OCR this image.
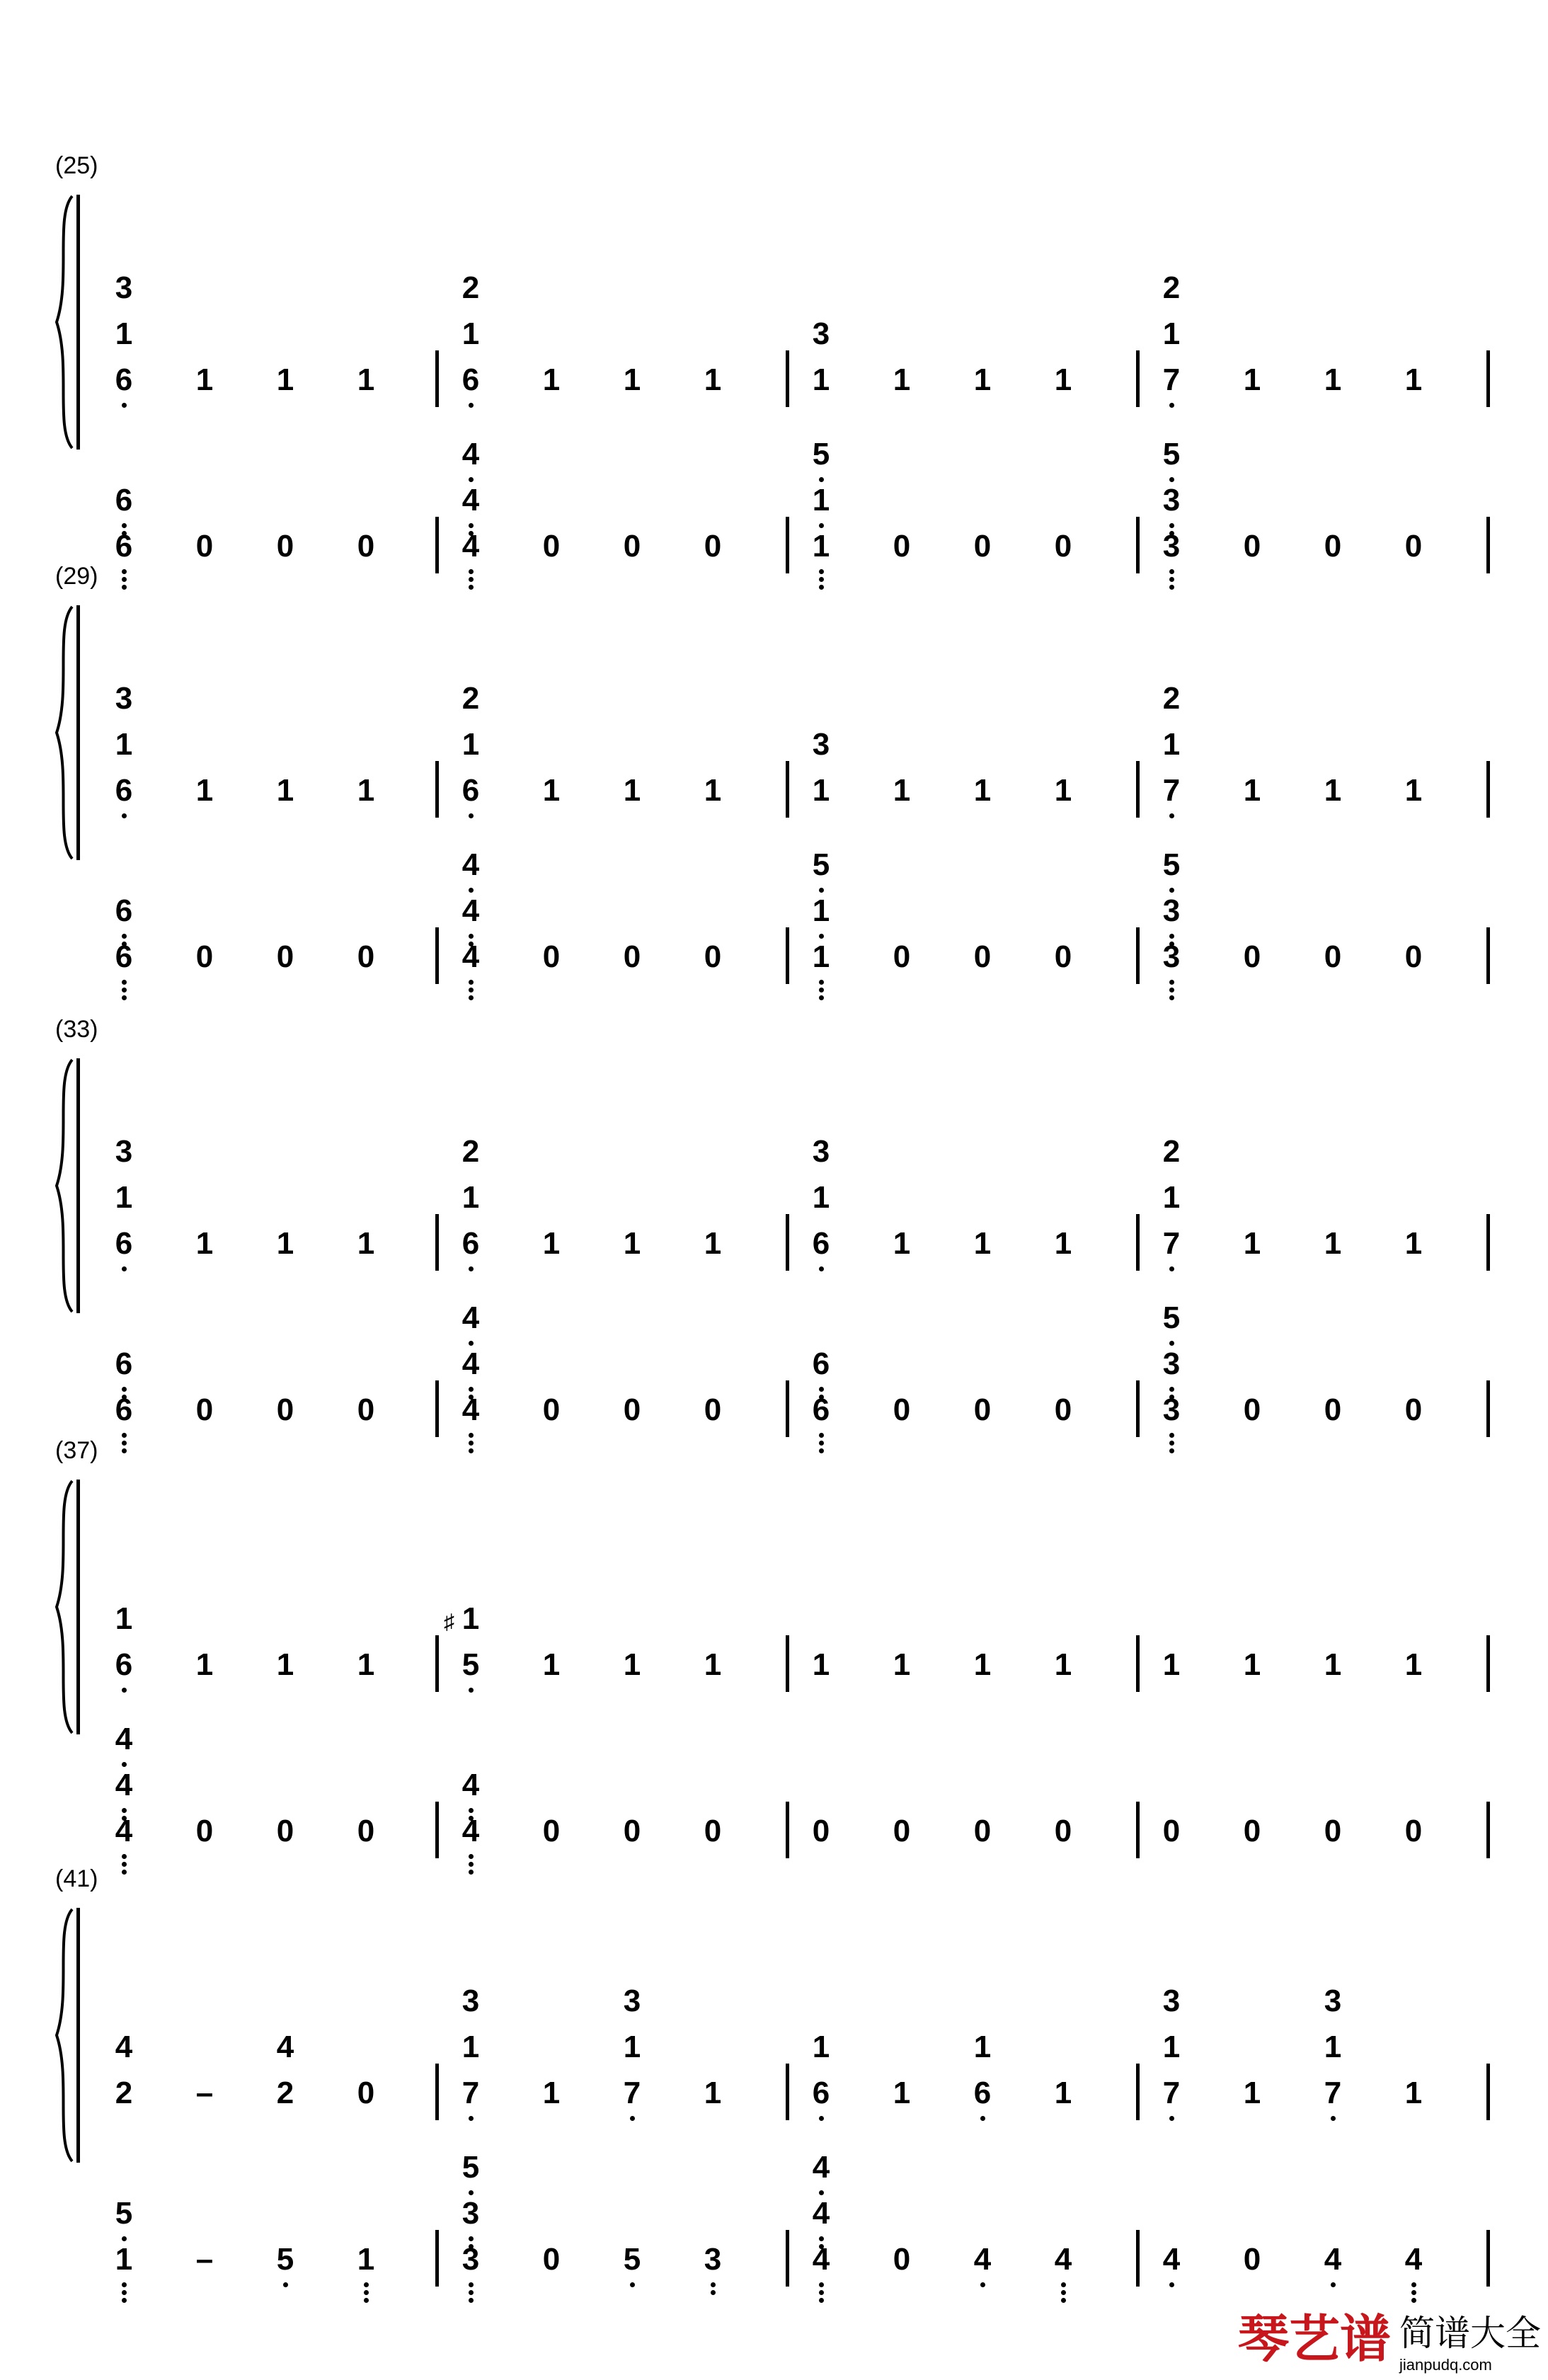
(25)
3
1
6 1 1 1
6
6 0 0 0
2
1
6 1 1 1
4
4
4 0 0 0
3
1 1 1 1
5
1
1 0 0 0
2
1
7 1 1 1
5
3
3 0 0 0
(29)
3
1
6 1 1 1
6
6 0 0 0
2
1
6 1 1 1
4
4
4 0 0 0
3
1 1 1 1
5
1
1 0 0 0
2
1
7 1 1 1
5
3
3 0 0 0
(33)
3
1
6 1 1 1
6
6 0 0 0
2
1
6 1 1 1
4
4
4 0 0 0
3
1
6 1 1 1
6
6 0 0 0
2
1
7 1 1 1
5
3
3 0 0 0
(37)
1
6 1 1 1
4
4
4 0 0 0
1
5
♯
1 1 1
4
4 0 0 0
1 1 1 1
0 0 0 0
1 1 1 1
0 0 0 0
(41)
4
2 –
4
2 0
5
1 – 5 1
3
1
7 1
3
1
7 1
5
3
3 0 5 3
1
6 1
1
6 1
4
4
4 0 4 4
3
1
7 1
3
1
7 1
4 0 4 4
琴艺谱 简谱大全
jianpudq.com
